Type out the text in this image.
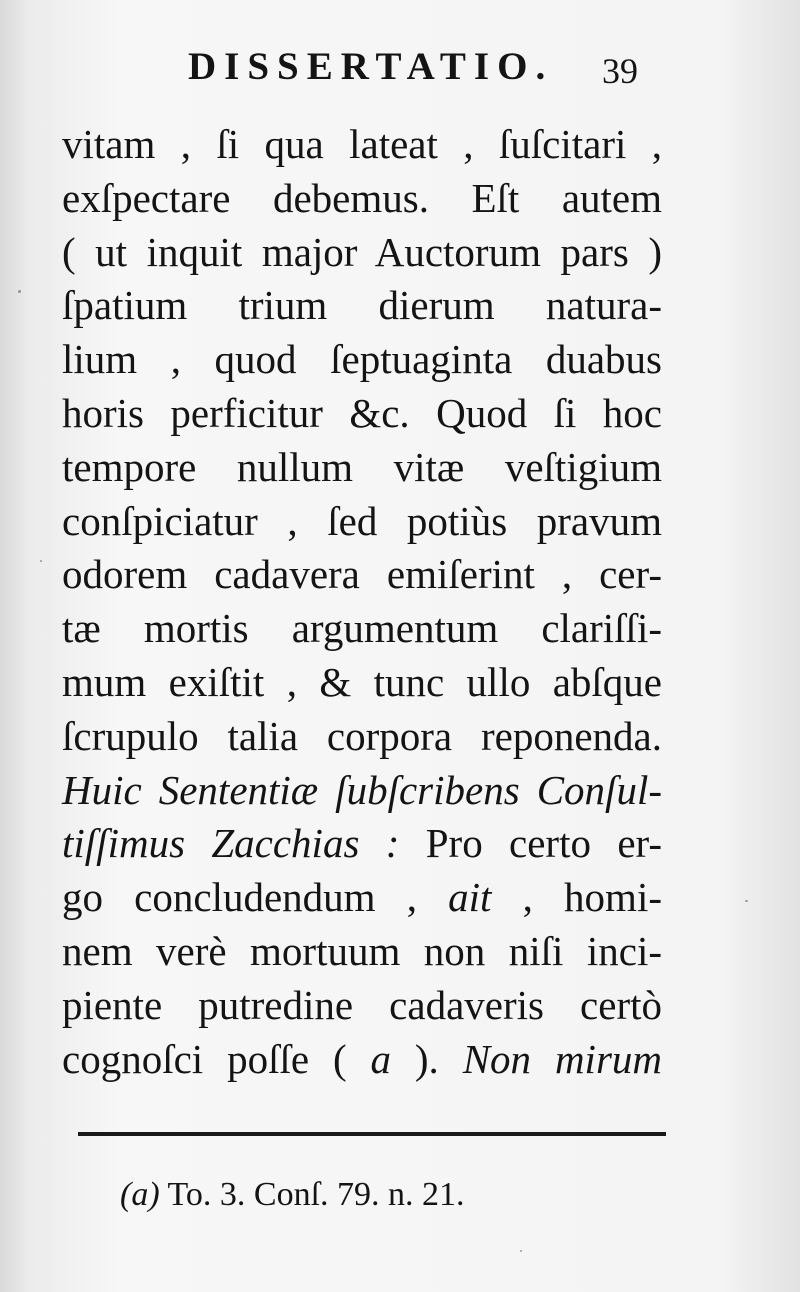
DISSERTATIO. 39
vitam , ſi qua lateat , ſuſcitari ,
exſpectare debemus. Eſt autem
( ut inquit major Auctorum pars )
ſpatium trium dierum natura-
lium , quod ſeptuaginta duabus
horis perficitur &c. Quod ſi hoc
tempore nullum vitæ veſtigium
conſpiciatur , ſed potiùs pravum
odorem cadavera emiſerint , cer-
tæ mortis argumentum clariſſi-
mum exiſtit , & tunc ullo abſque
ſcrupulo talia corpora reponenda.
Huic Sententiæ ſubſcribens Conſul-
tiſſimus Zacchias : Pro certo er-
go concludendum , ait , homi-
nem verè mortuum non niſi inci-
piente putredine cadaveris certò
cognoſci poſſe ( a ). Non mirum
(a) To. 3. Conſ. 79. n. 21.
